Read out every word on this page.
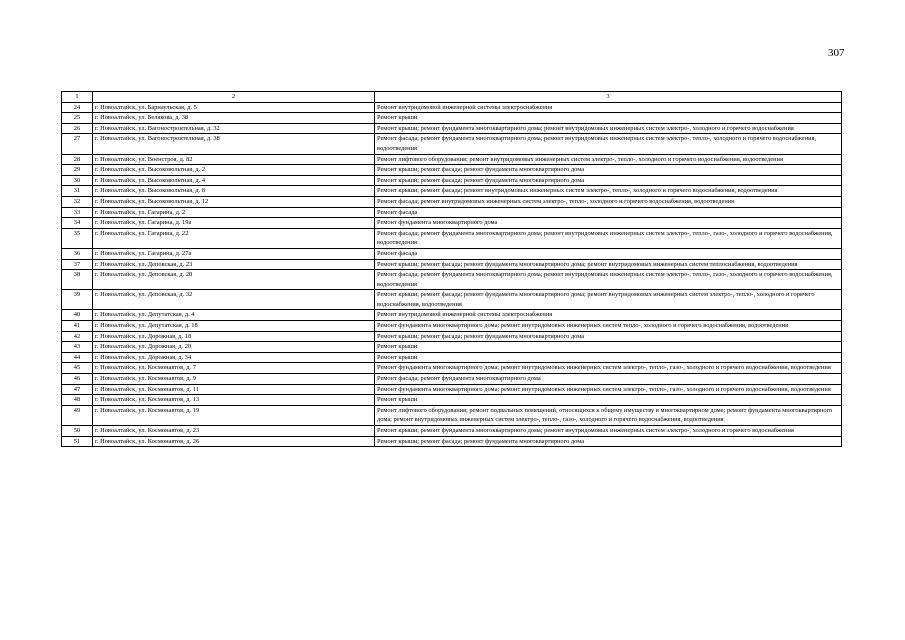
307
1	2	3
24	г. Новоалтайск, ул. Барнаульская, д. 5	Ремонт внутридомовой инженерной системы электроснабжения
25	г. Новоалтайск, ул. Белякова, д. 38	Ремонт крыши
26	г. Новоалтайск, ул. Вагоностроительная, д. 32	Ремонт крыши; ремонт фундамента многоквартирного дома; ремонт внутридомовых инженерных систем электро-, холодного и горячего водоснабжения
27	г. Новоалтайск, ул. Вагоностроительная, д. 38	Ремонт фасада; ремонт фундамента многоквартирного дома; ремонт внутридомовых инженерных систем электро-, тепло-, холодного и горячего водоснабжения, водоотведения
28	г. Новоалтайск, ул. Военстроя, д. 82	Ремонт лифтового оборудования; ремонт внутридомовых инженерных систем электро-, тепло-, холодного и горячего водоснабжения, водоотведения
29	г. Новоалтайск, ул. Высоковольтная, д. 2	Ремонт крыши; ремонт фасада; ремонт фундамента многоквартирного дома
30	г. Новоалтайск, ул. Высоковольтная, д. 4	Ремонт крыши; ремонт фасада; ремонт фундамента многоквартирного дома
31	г. Новоалтайск, ул. Высоковольтная, д. 8	Ремонт крыши; ремонт фасада; ремонт внутридомовых инженерных систем электро-, тепло-, холодного и горячего водоснабжения, водоотведения
32	г. Новоалтайск, ул. Высоковольтная, д. 12	Ремонт фасада; ремонт внутридомовых инженерных систем электро-, тепло-, холодного и горячего водоснабжения, водоотведения
33	г. Новоалтайск, ул. Гагарина, д. 2	Ремонт фасада
34	г. Новоалтайск, ул. Гагарина, д. 19а	Ремонт фундамента многоквартирного дома
35	г. Новоалтайск, ул. Гагарина, д. 22	Ремонт фасада; ремонт фундамента многоквартирного дома; ремонт внутридомовых инженерных систем электро-, тепло-, газо-, холодного и горячего водоснабжения, водоотведения
36	г. Новоалтайск, ул. Гагарина, д. 27а	Ремонт фасада
37	г. Новоалтайск, ул. Деповская, д. 23	Ремонт крыши; ремонт фасада; ремонт фундамента многоквартирного дома; ремонт внутридомовых инженерных систем теплоснабжения, водоотведения
38	г. Новоалтайск, ул. Деповская, д. 28	Ремонт фасада; ремонт фундамента многоквартирного дома; ремонт внутридомовых инженерных систем электро-, тепло-, газо-, холодного и горячего водоснабжения, водоотведения
39	г. Новоалтайск, ул. Деповская, д. 32	Ремонт крыши; ремонт фасада; ремонт фундамента многоквартирного дома; ремонт внутридомовых инженерных систем электро-, тепло-, холодного и горячего водоснабжения, водоотведения
40	г. Новоалтайск, ул. Депутатская, д. 4	Ремонт внутридомовой инженерной системы электроснабжения
41	г. Новоалтайск, ул. Депутатская, д. 18	Ремонт фундамента многоквартирного дома; ремонт внутридомовых инженерных систем тепло-, холодного и горячего водоснабжения, водоотведения
42	г. Новоалтайск, ул. Дорожная, д. 18	Ремонт крыши; ремонт фасада; ремонт фундамента многоквартирного дома
43	г. Новоалтайск, ул. Дорожная, д. 20	Ремонт крыши
44	г. Новоалтайск, ул. Дорожная, д. 34	Ремонт крыши
45	г. Новоалтайск, ул. Космонавтов, д. 7	Ремонт фундамента многоквартирного дома; ремонт внутридомовых инженерных систем электро-, тепло-, газо-, холодного и горячего водоснабжения, водоотведения
46	г. Новоалтайск, ул. Космонавтов, д. 9	Ремонт фасада; ремонт фундамента многоквартирного дома
47	г. Новоалтайск, ул. Космонавтов, д. 11	Ремонт фундамента многоквартирного дома; ремонт внутридомовых инженерных систем электро-, тепло-, газо-, холодного и горячего водоснабжения, водоотведения
48	г. Новоалтайск, ул. Космонавтов, д. 13	Ремонт крыши
49	г. Новоалтайск, ул. Космонавтов, д. 19	Ремонт лифтового оборудования; ремонт подвальных помещений, относящихся к общему имуществу в многоквартирном доме; ремонт фундамента многоквартирного дома; ремонт внутридомовых инженерных систем электро-, тепло-, газо-, холодного и горячего водоснабжения, водоотведения
50	г. Новоалтайск, ул. Космонавтов, д. 23	Ремонт крыши; ремонт фундамента многоквартирного дома; ремонт внутридомовых инженерных систем электро-, холодного и горячего водоснабжения
51	г. Новоалтайск, ул. Космонавтов, д. 26	Ремонт крыши; ремонт фасада; ремонт фундамента многоквартирного дома
